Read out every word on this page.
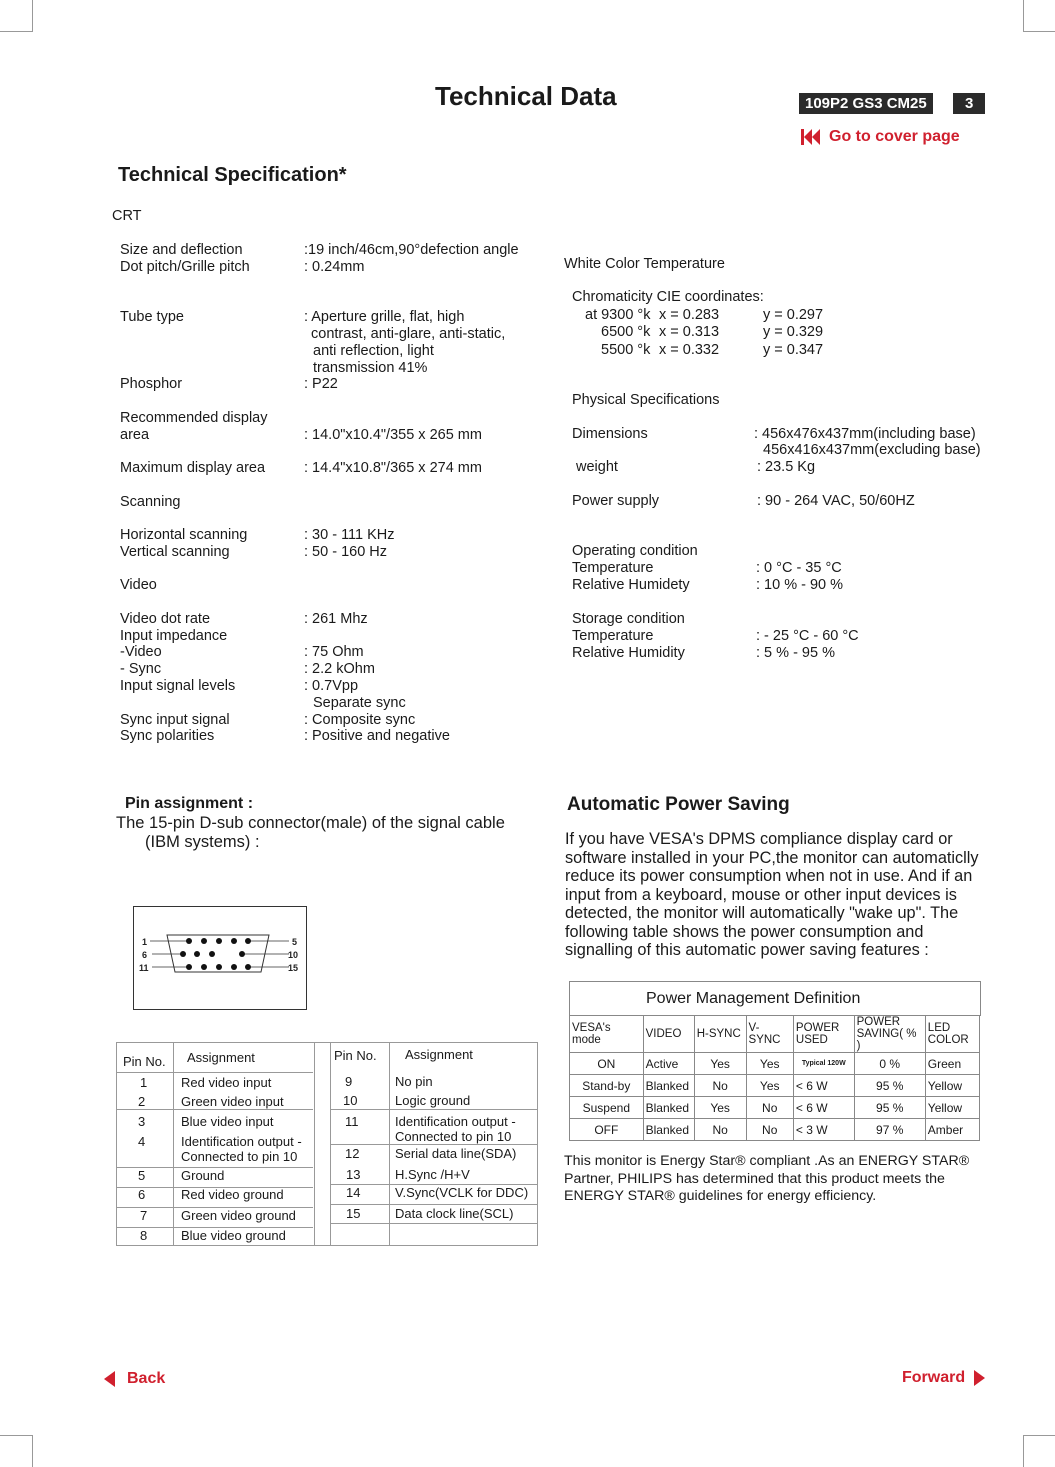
Technical Data	109P2 GS3 CM25	3
Go to cover page
Technical Specification*
CRT
Size and deflection	:19 inch/46cm,90°defection angle
Dot pitch/Grille pitch	: 0.24mm
Tube type	: Aperture grille, flat, high
contrast, anti-glare, anti-static,
anti reflection, light
transmission 41%
Phosphor	: P22
Recommended display
area	: 14.0"x10.4"/355 x 265 mm
Maximum display area	: 14.4"x10.8"/365 x 274 mm
Scanning
Horizontal scanning	: 30 - 111 KHz
Vertical scanning	: 50 - 160 Hz
Video
Video dot rate	: 261 Mhz
Input impedance
-Video	: 75 Ohm
- Sync	: 2.2 kOhm
Input signal levels	: 0.7Vpp
Separate sync
Sync input signal	: Composite sync
Sync polarities	: Positive and negative
White Color Temperature
Chromaticity CIE coordinates:
at 9300 °k x = 0.283	y = 0.297
6500 °k x = 0.313	y = 0.329
5500 °k x = 0.332	y = 0.347
Physical Specifications
Dimensions	: 456x476x437mm(including base)
456x416x437mm(excluding base)
weight	: 23.5 Kg
Power supply	: 90 - 264 VAC, 50/60HZ
Operating condition
Temperature	: 0 °C - 35 °C
Relative Humidety	: 10 % - 90 %
Storage condition
Temperature	: - 25 °C - 60 °C
Relative Humidity	: 5 % - 95 %
Pin assignment :
The 15-pin D-sub connector(male) of the signal cable
(IBM systems) :
1
6
11
5
10
15
Pin No. Assignment	Pin No. Assignment
1	Red video input
2	Green video input
3	Blue video input
4	Identification output -
Connected to pin 10
5	Ground
6	Red video ground
7	Green video ground
8	Blue video ground
9	No pin
10	Logic ground
11	Identification output -
Connected to pin 10
12	Serial data line(SDA)
13	H.Sync /H+V
14	V.Sync(VCLK for DDC)
15	Data clock line(SCL)
Automatic Power Saving
If you have VESA's DPMS compliance display card or
software installed in your PC,the monitor can automaticlly
reduce its power consumption when not in use. And if an
input from a keyboard, mouse or other input devices is
detected, the monitor will automatically "wake up". The
following table shows the power consumption and
signalling of this automatic power saving features :
Power Management Definition
VESA's mode	VIDEO	H-SYNC	V-SYNC	POWER USED	POWER SAVING( % )	LED COLOR
ON	Active	Yes	Yes	Typical 120W	0 %	Green
Stand-by	Blanked	No	Yes	< 6 W	95 %	Yellow
Suspend	Blanked	Yes	No	< 6 W	95 %	Yellow
OFF	Blanked	No	No	< 3 W	97 %	Amber
This monitor is Energy Star® compliant .As an ENERGY STAR®
Partner, PHILIPS has determined that this product meets the
ENERGY STAR® guidelines for energy efficiency.
Back	Forward
